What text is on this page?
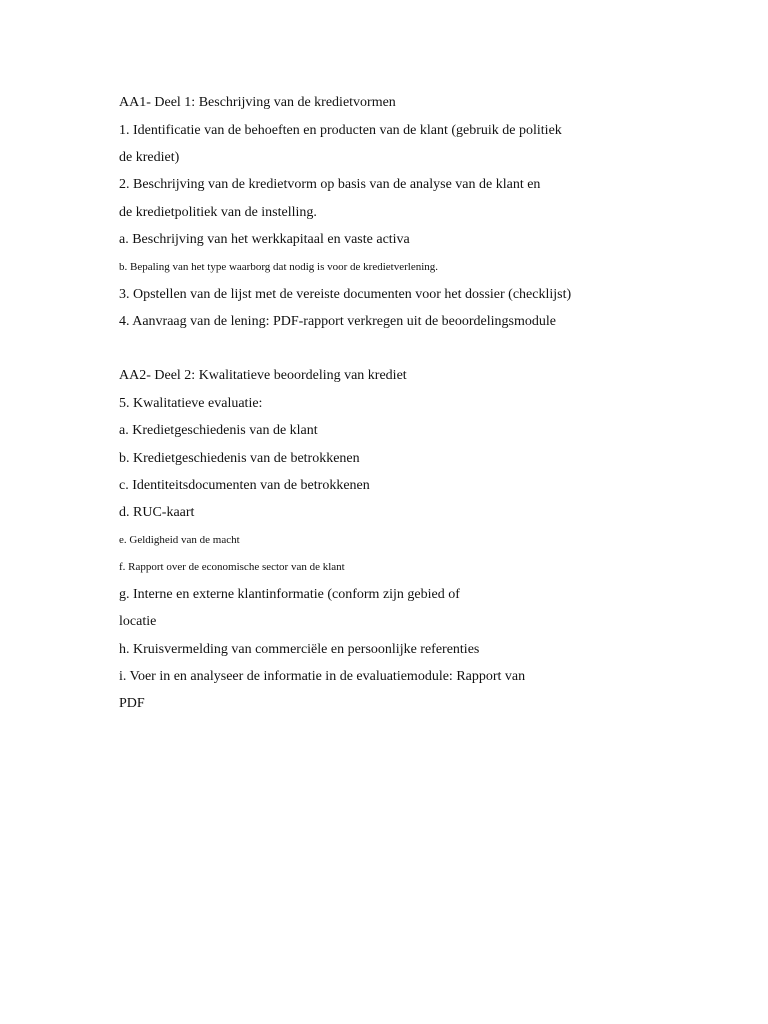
AA1- Deel 1: Beschrijving van de kredietvormen

1. Identificatie van de behoeften en producten van de klant (gebruik de politiek

de krediet)

2. Beschrijving van de kredietvorm op basis van de analyse van de klant en

de kredietpolitiek van de instelling.

a. Beschrijving van het werkkapitaal en vaste activa

b. Bepaling van het type waarborg dat nodig is voor de kredietverlening.

3. Opstellen van de lijst met de vereiste documenten voor het dossier (checklijst)

4. Aanvraag van de lening: PDF-rapport verkregen uit de beoordelingsmodule

AA2- Deel 2: Kwalitatieve beoordeling van krediet

5. Kwalitatieve evaluatie:

a. Kredietgeschiedenis van de klant

b. Kredietgeschiedenis van de betrokkenen

c. Identiteitsdocumenten van de betrokkenen

d. RUC-kaart

e. Geldigheid van de macht

f. Rapport over de economische sector van de klant

g. Interne en externe klantinformatie (conform zijn gebied of

locatie

h. Kruisvermelding van commerciële en persoonlijke referenties

i. Voer in en analyseer de informatie in de evaluatiemodule: Rapport van

PDF
